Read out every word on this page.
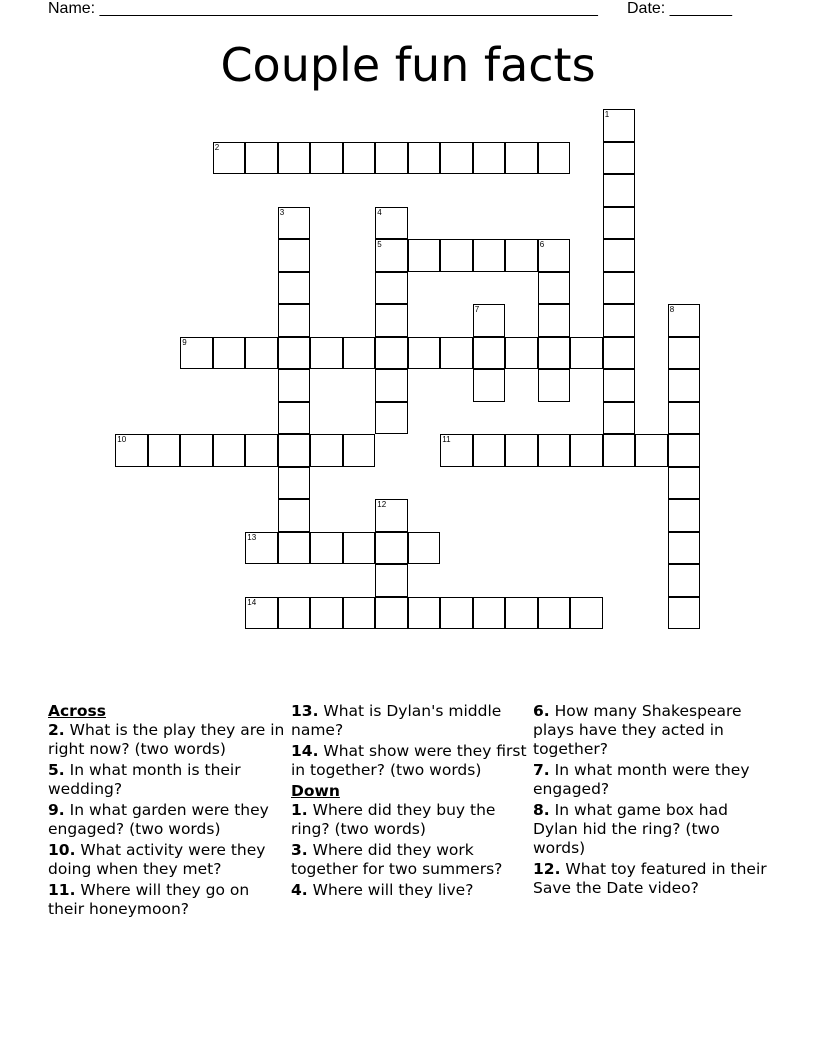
Name: ________________________________________________________ Date: _______
Couple fun facts
1
2
3	4
5	6
7	8
9
10	11
12
13
14
Across
2. What is the play they are in right now? (two words)
5. In what month is their wedding?
9. In what garden were they engaged? (two words)
10. What activity were they doing when they met?
11. Where will they go on their honeymoon?
13. What is Dylan's middle name?
14. What show were they first in together? (two words)
Down
1. Where did they buy the ring? (two words)
3. Where did they work together for two summers?
4. Where will they live?
6. How many Shakespeare plays have they acted in together?
7. In what month were they engaged?
8. In what game box had Dylan hid the ring? (two words)
12. What toy featured in their Save the Date video?
